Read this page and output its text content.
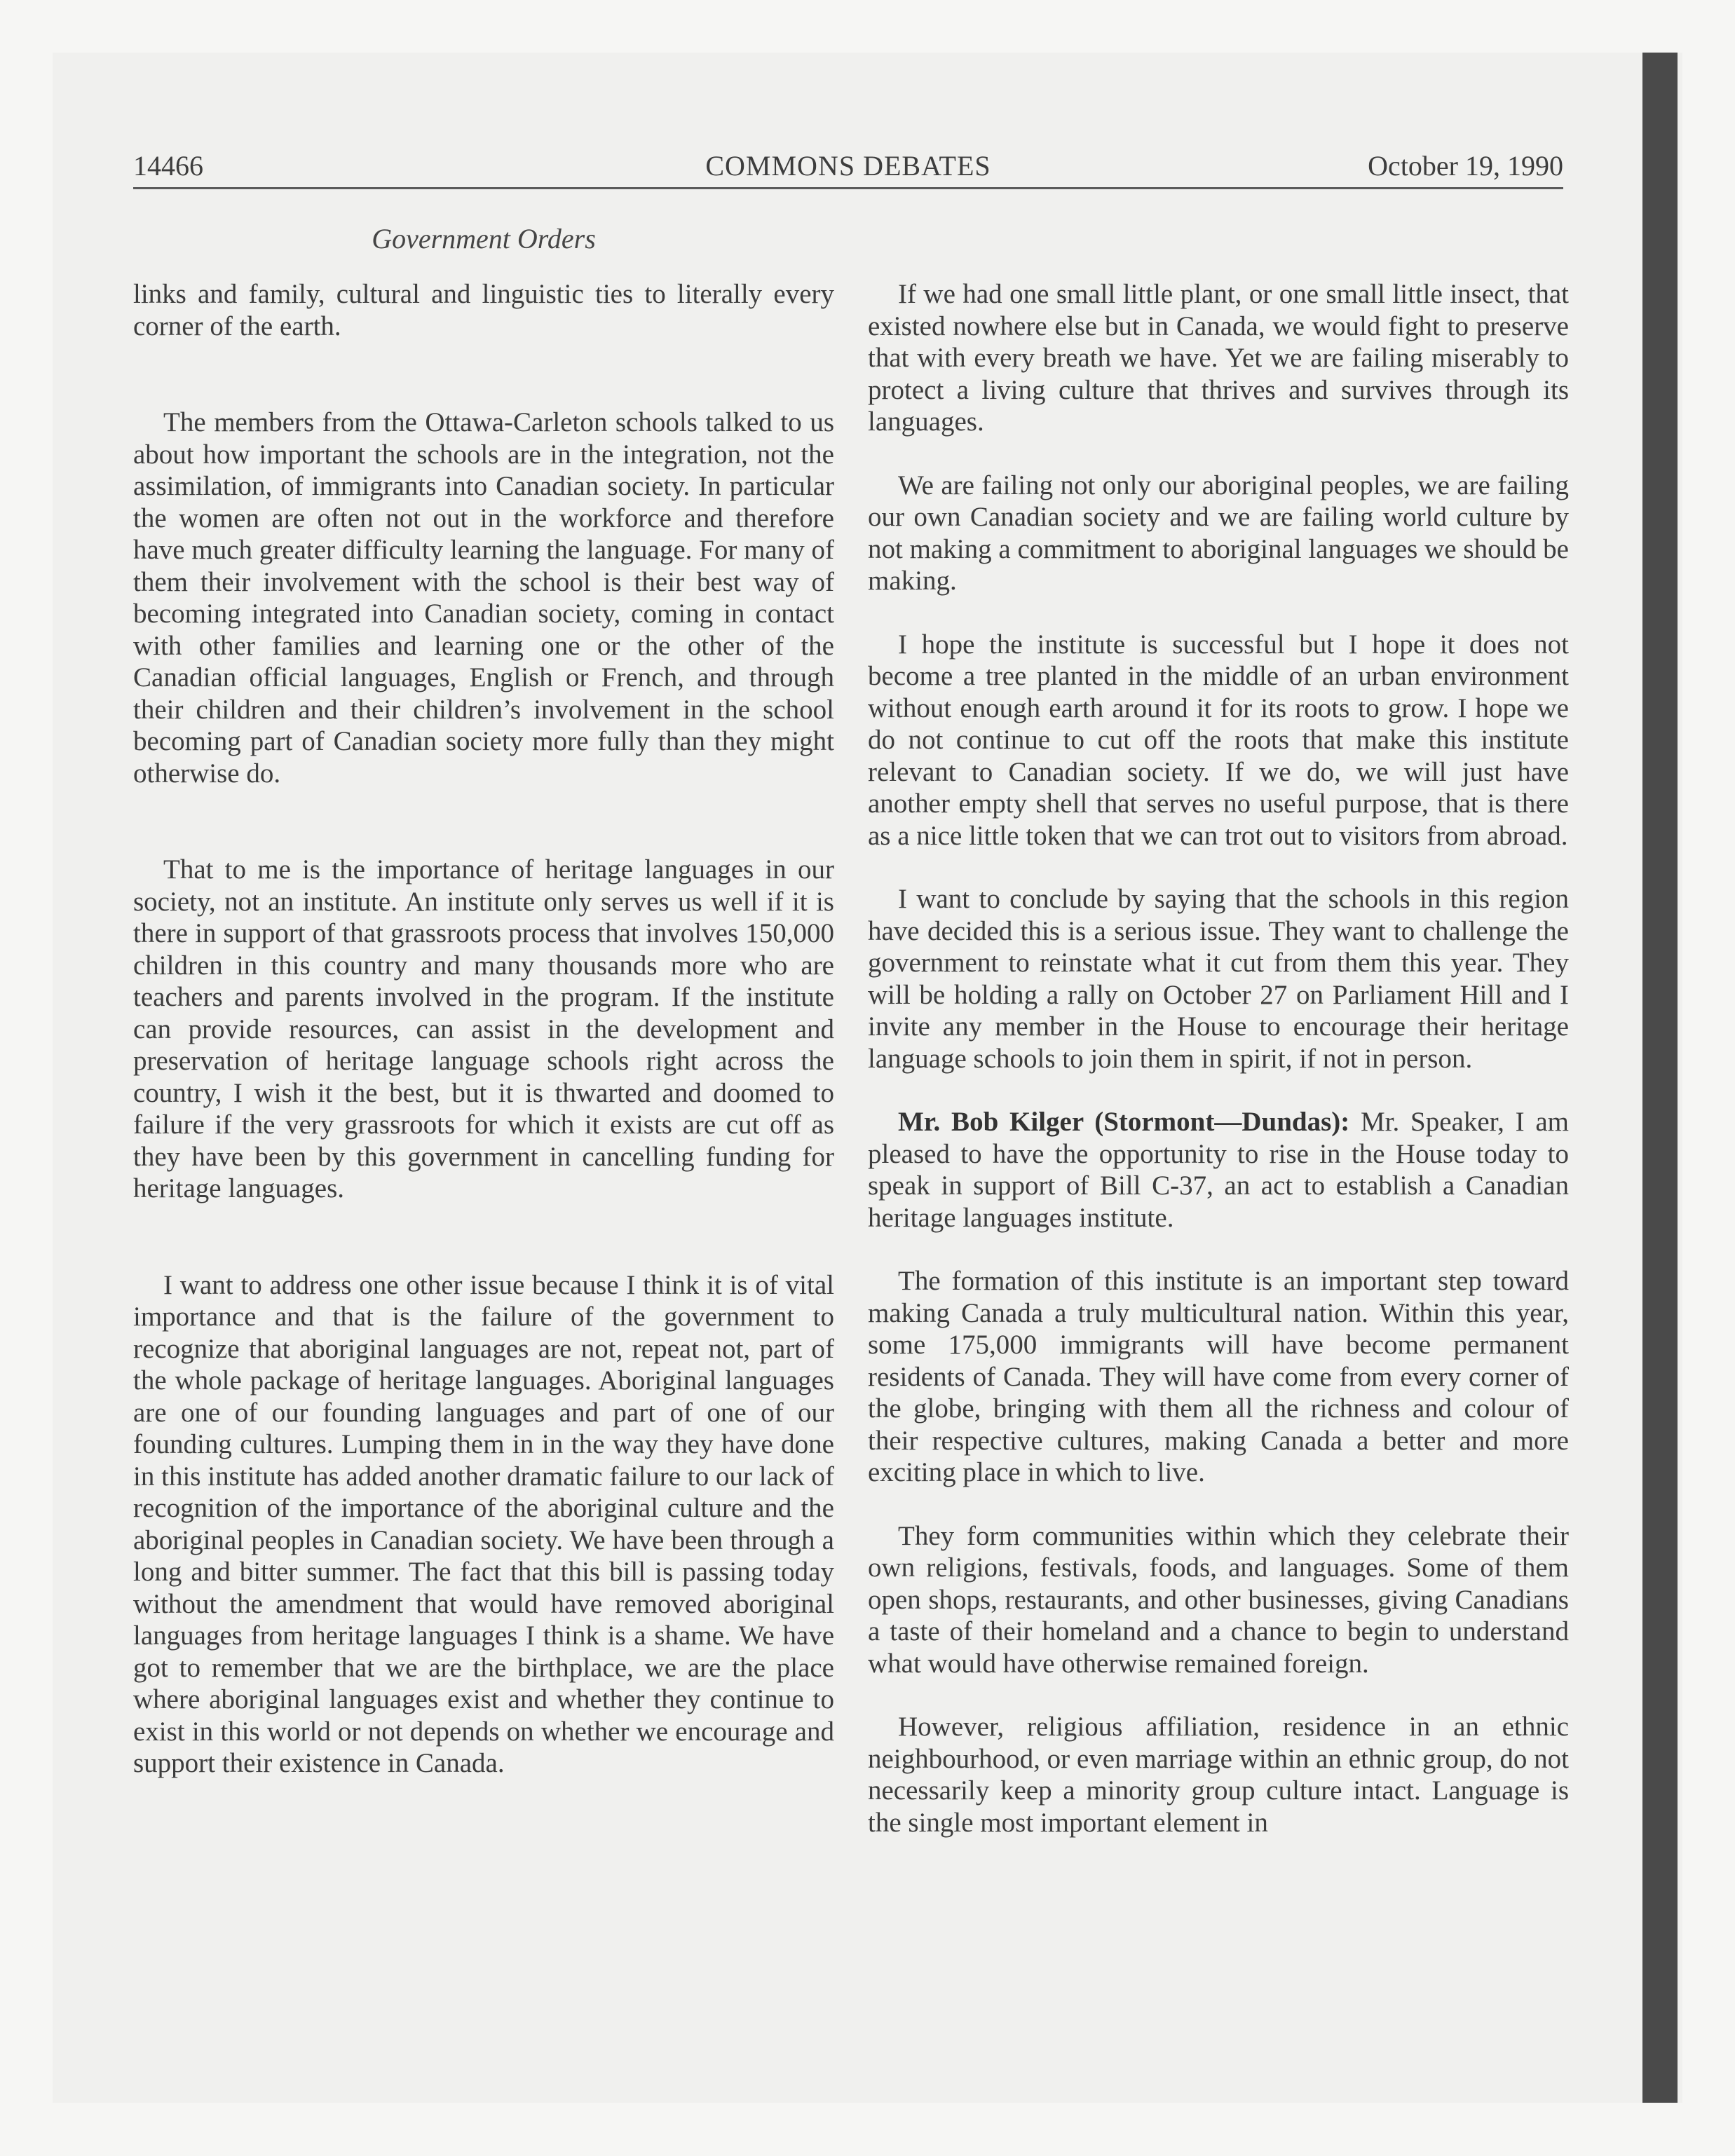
14466	COMMONS DEBATES	October 19, 1990
Government Orders

links and family, cultural and linguistic ties to literally every corner of the earth.

The members from the Ottawa-Carleton schools talked to us about how important the schools are in the integration, not the assimilation, of immigrants into Canadian society. In particular the women are often not out in the workforce and therefore have much greater difficulty learning the language. For many of them their involvement with the school is their best way of becoming integrated into Canadian society, coming in contact with other families and learning one or the other of the Canadian official languages, English or French, and through their children and their children’s involvement in the school becoming part of Canadian society more fully than they might otherwise do.

That to me is the importance of heritage languages in our society, not an institute. An institute only serves us well if it is there in support of that grassroots process that involves 150,000 children in this country and many thousands more who are teachers and parents involved in the program. If the institute can provide resources, can assist in the development and preservation of heritage language schools right across the country, I wish it the best, but it is thwarted and doomed to failure if the very grassroots for which it exists are cut off as they have been by this government in cancelling funding for heritage languages.

I want to address one other issue because I think it is of vital importance and that is the failure of the government to recognize that aboriginal languages are not, repeat not, part of the whole package of heritage languages. Aboriginal languages are one of our founding languages and part of one of our founding cultures. Lumping them in in the way they have done in this institute has added another dramatic failure to our lack of recognition of the importance of the aboriginal culture and the aboriginal peoples in Canadian society. We have been through a long and bitter summer. The fact that this bill is passing today without the amendment that would have removed aboriginal languages from heritage languages I think is a shame. We have got to remember that we are the birthplace, we are the place where aboriginal languages exist and whether they continue to exist in this world or not depends on whether we encourage and support their existence in Canada.

If we had one small little plant, or one small little insect, that existed nowhere else but in Canada, we would fight to preserve that with every breath we have. Yet we are failing miserably to protect a living culture that thrives and survives through its languages.

We are failing not only our aboriginal peoples, we are failing our own Canadian society and we are failing world culture by not making a commitment to aboriginal languages we should be making.

I hope the institute is successful but I hope it does not become a tree planted in the middle of an urban environment without enough earth around it for its roots to grow. I hope we do not continue to cut off the roots that make this institute relevant to Canadian society. If we do, we will just have another empty shell that serves no useful purpose, that is there as a nice little token that we can trot out to visitors from abroad.

I want to conclude by saying that the schools in this region have decided this is a serious issue. They want to challenge the government to reinstate what it cut from them this year. They will be holding a rally on October 27 on Parliament Hill and I invite any member in the House to encourage their heritage language schools to join them in spirit, if not in person.

Mr. Bob Kilger (Stormont—Dundas): Mr. Speaker, I am pleased to have the opportunity to rise in the House today to speak in support of Bill C-37, an act to establish a Canadian heritage languages institute.

The formation of this institute is an important step toward making Canada a truly multicultural nation. Within this year, some 175,000 immigrants will have become permanent residents of Canada. They will have come from every corner of the globe, bringing with them all the richness and colour of their respective cultures, making Canada a better and more exciting place in which to live.

They form communities within which they celebrate their own religions, festivals, foods, and languages. Some of them open shops, restaurants, and other businesses, giving Canadians a taste of their homeland and a chance to begin to understand what would have otherwise remained foreign.

However, religious affiliation, residence in an ethnic neighbourhood, or even marriage within an ethnic group, do not necessarily keep a minority group culture intact. Language is the single most important element in
